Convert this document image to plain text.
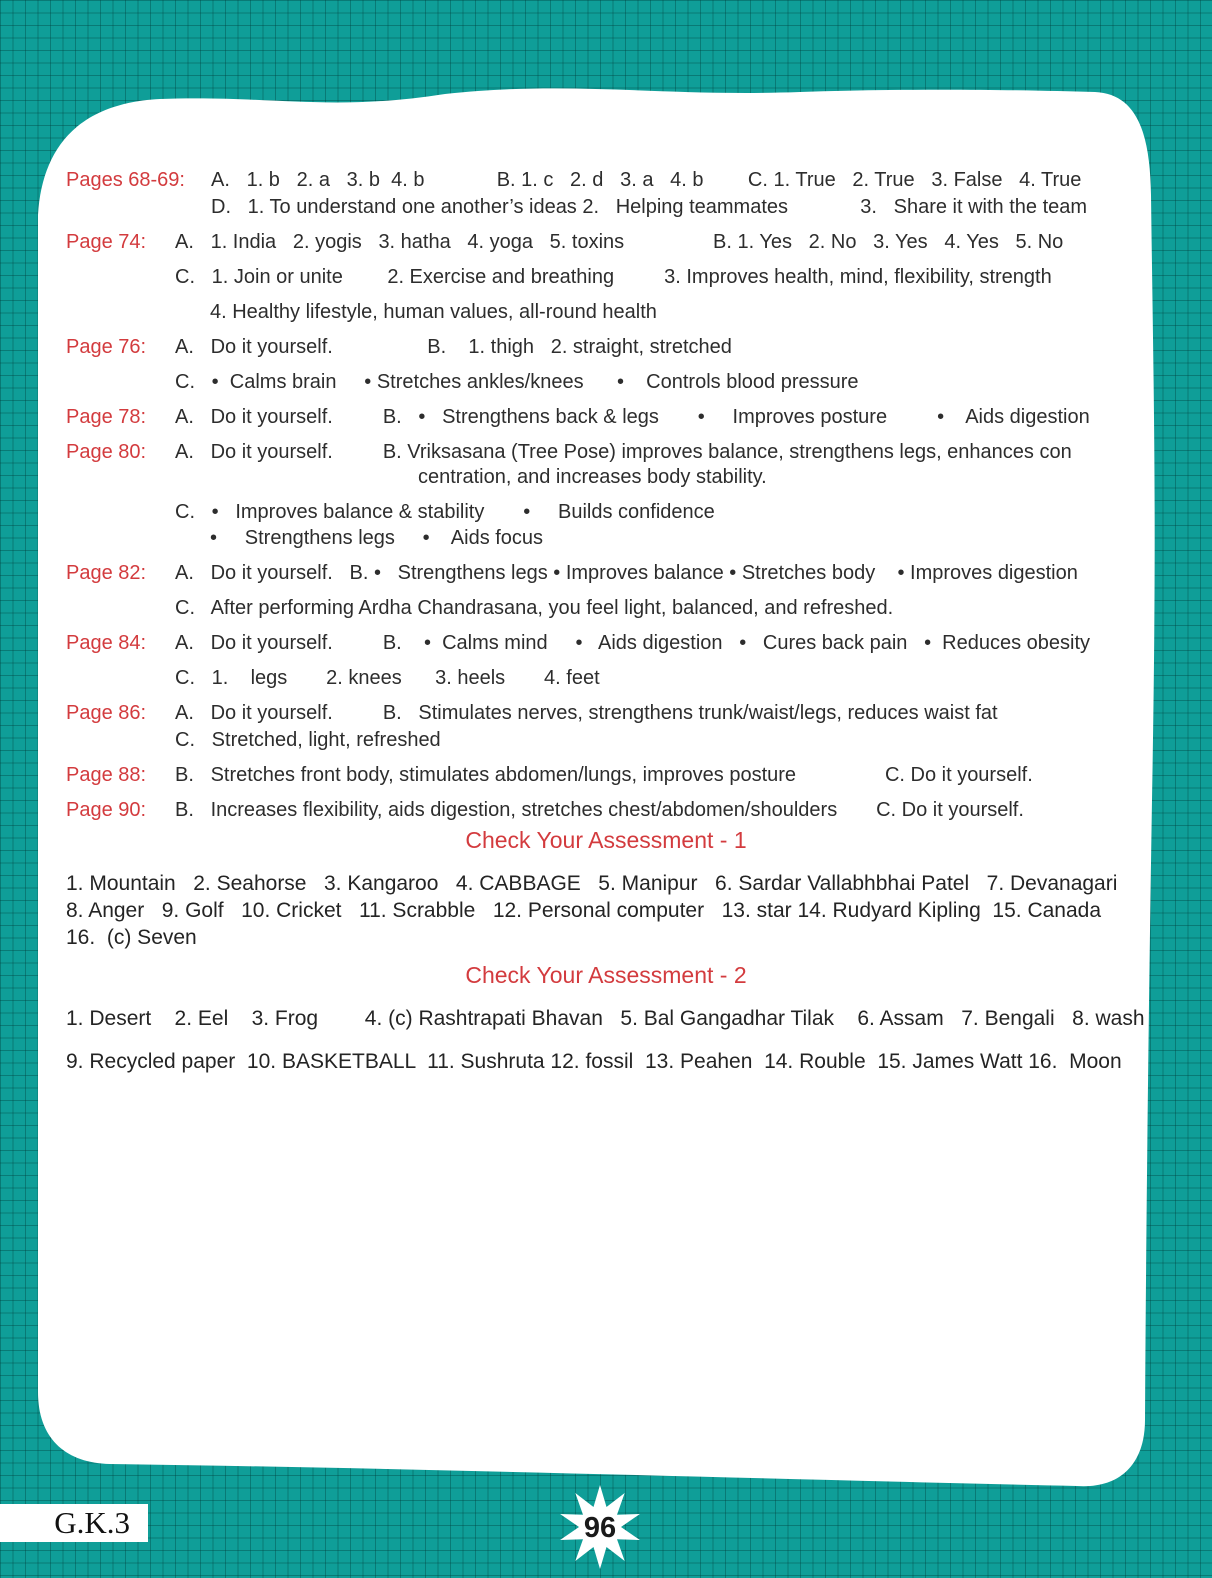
Pages 68-69:	A.   1. b   2. a   3. b  4. b             B. 1. c   2. d   3. a   4. b        C. 1. True   2. True   3. False   4. True
D.   1. To understand one another’s ideas 2.   Helping teammates             3.   Share it with the team
Page 74:	A.   1. India   2. yogis   3. hatha   4. yoga   5. toxins                B. 1. Yes   2. No   3. Yes   4. Yes   5. No
C.   1. Join or unite        2. Exercise and breathing         3. Improves health, mind, flexibility, strength
4. Healthy lifestyle, human values, all-round health
Page 76:	A.   Do it yourself.                 B.    1. thigh   2. straight, stretched
C.   •  Calms brain     • Stretches ankles/knees      •    Controls blood pressure
Page 78:	A.   Do it yourself.         B.   •   Strengthens back & legs       •     Improves posture         •    Aids digestion
Page 80:	A.   Do it yourself.         B. Vriksasana (Tree Pose) improves balance, strengthens legs, enhances con
centration, and increases body stability.
C.   •   Improves balance & stability       •     Builds confidence
•     Strengthens legs     •    Aids focus
Page 82:	A.   Do it yourself.   B. •   Strengthens legs • Improves balance • Stretches body    • Improves digestion
C.   After performing Ardha Chandrasana, you feel light, balanced, and refreshed.
Page 84:	A.   Do it yourself.         B.    •  Calms mind     •   Aids digestion   •   Cures back pain   •  Reduces obesity
C.   1.    legs       2. knees      3. heels       4. feet
Page 86:	A.   Do it yourself.         B.   Stimulates nerves, strengthens trunk/waist/legs, reduces waist fat
C.   Stretched, light, refreshed
Page 88:	B.   Stretches front body, stimulates abdomen/lungs, improves posture                C. Do it yourself.
Page 90:	B.   Increases flexibility, aids digestion, stretches chest/abdomen/shoulders       C. Do it yourself.
Check Your Assessment - 1
1. Mountain   2. Seahorse   3. Kangaroo   4. CABBAGE   5. Manipur   6. Sardar Vallabhbhai Patel   7. Devanagari
8. Anger   9. Golf   10. Cricket   11. Scrabble   12. Personal computer   13. star 14. Rudyard Kipling  15. Canada
16.  (c) Seven
Check Your Assessment - 2
1. Desert    2. Eel    3. Frog        4. (c) Rashtrapati Bhavan   5. Bal Gangadhar Tilak    6. Assam   7. Bengali   8. wash
9. Recycled paper  10. BASKETBALL  11. Sushruta 12. fossil  13. Peahen  14. Rouble  15. James Watt 16.  Moon
G.K.3	96
